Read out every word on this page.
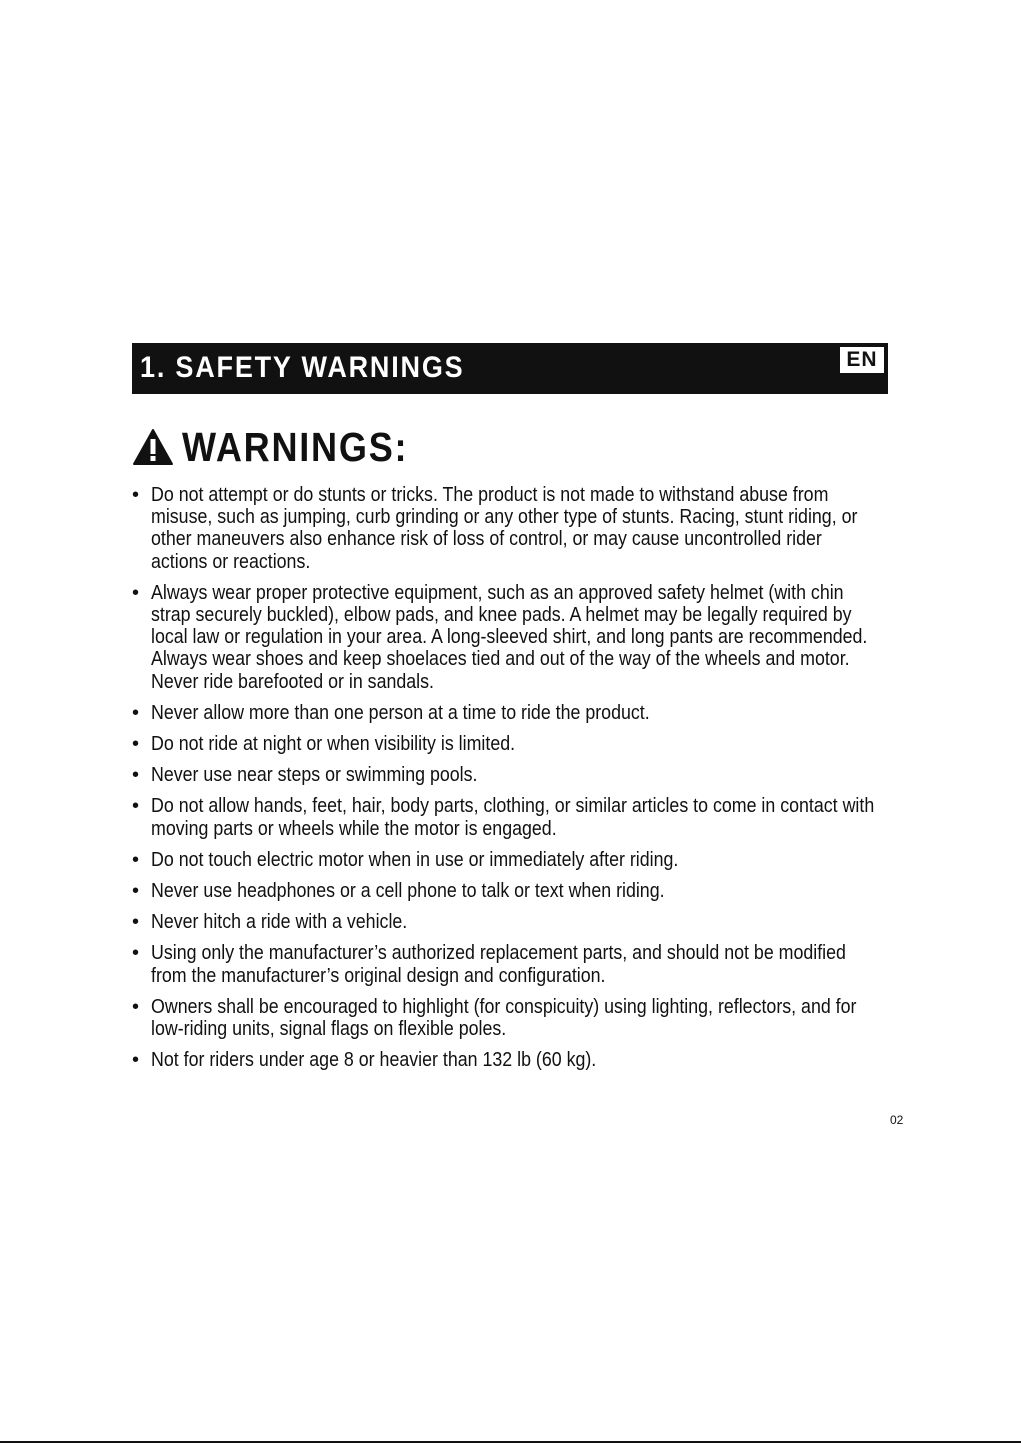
1. SAFETY WARNINGS	EN
WARNINGS:
• Do not attempt or do stunts or tricks. The product is not made to withstand abuse from misuse, such as jumping, curb grinding or any other type of stunts. Racing, stunt riding, or other maneuvers also enhance risk of loss of control, or may cause uncontrolled rider actions or reactions.
• Always wear proper protective equipment, such as an approved safety helmet (with chin strap securely buckled), elbow pads, and knee pads. A helmet may be legally required by local law or regulation in your area. A long-sleeved shirt, and long pants are recommended. Always wear shoes and keep shoelaces tied and out of the way of the wheels and motor. Never ride barefooted or in sandals.
• Never allow more than one person at a time to ride the product.
• Do not ride at night or when visibility is limited.
• Never use near steps or swimming pools.
• Do not allow hands, feet, hair, body parts, clothing, or similar articles to come in contact with moving parts or wheels while the motor is engaged.
• Do not touch electric motor when in use or immediately after riding.
• Never use headphones or a cell phone to talk or text when riding.
• Never hitch a ride with a vehicle.
• Using only the manufacturer’s authorized replacement parts, and should not be modified from the manufacturer’s original design and configuration.
• Owners shall be encouraged to highlight (for conspicuity) using lighting, reflectors, and for low-riding units, signal flags on flexible poles.
• Not for riders under age 8 or heavier than 132 lb (60 kg).
02
